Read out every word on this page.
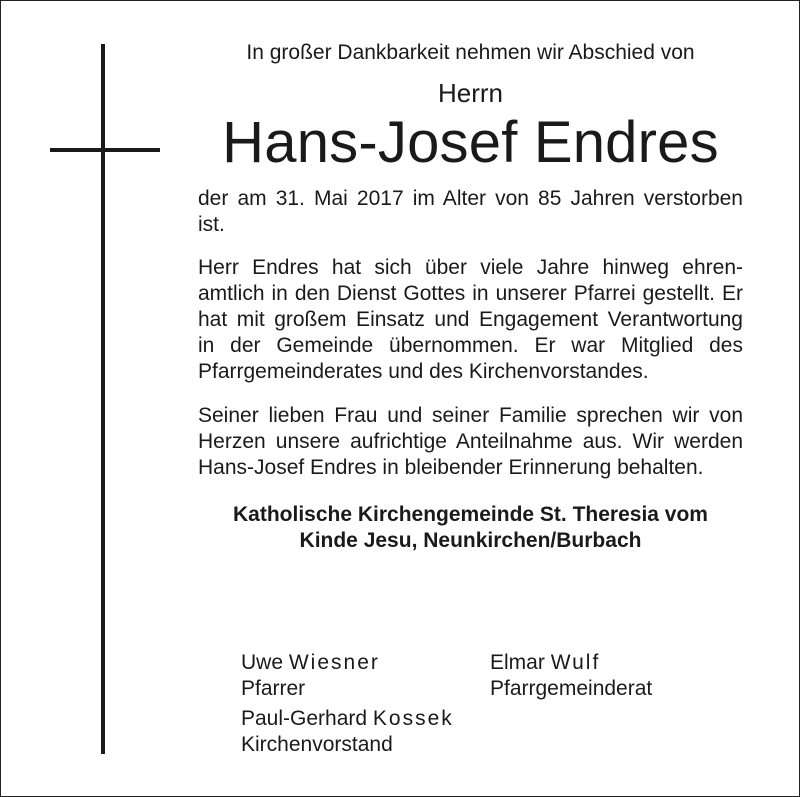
In großer Dankbarkeit nehmen wir Abschied von

Herrn

Hans-Josef Endres

der am 31. Mai 2017 im Alter von 85 Jahren verstorben ist.

Herr Endres hat sich über viele Jahre hinweg ehrenamtlich in den Dienst Gottes in unserer Pfarrei gestellt. Er hat mit großem Einsatz und Engagement Verantwortung in der Gemeinde übernommen. Er war Mitglied des Pfarrgemeinderates und des Kirchenvorstandes.

Seiner lieben Frau und seiner Familie sprechen wir von Herzen unsere aufrichtige Anteilnahme aus. Wir werden Hans-Josef Endres in bleibender Erinnerung behalten.

Katholische Kirchengemeinde St. Theresia vom
Kinde Jesu, Neunkirchen/Burbach

Uwe Wiesner
Pfarrer
Elmar Wulf
Pfarrgemeinderat
Paul-Gerhard Kossek
Kirchenvorstand
